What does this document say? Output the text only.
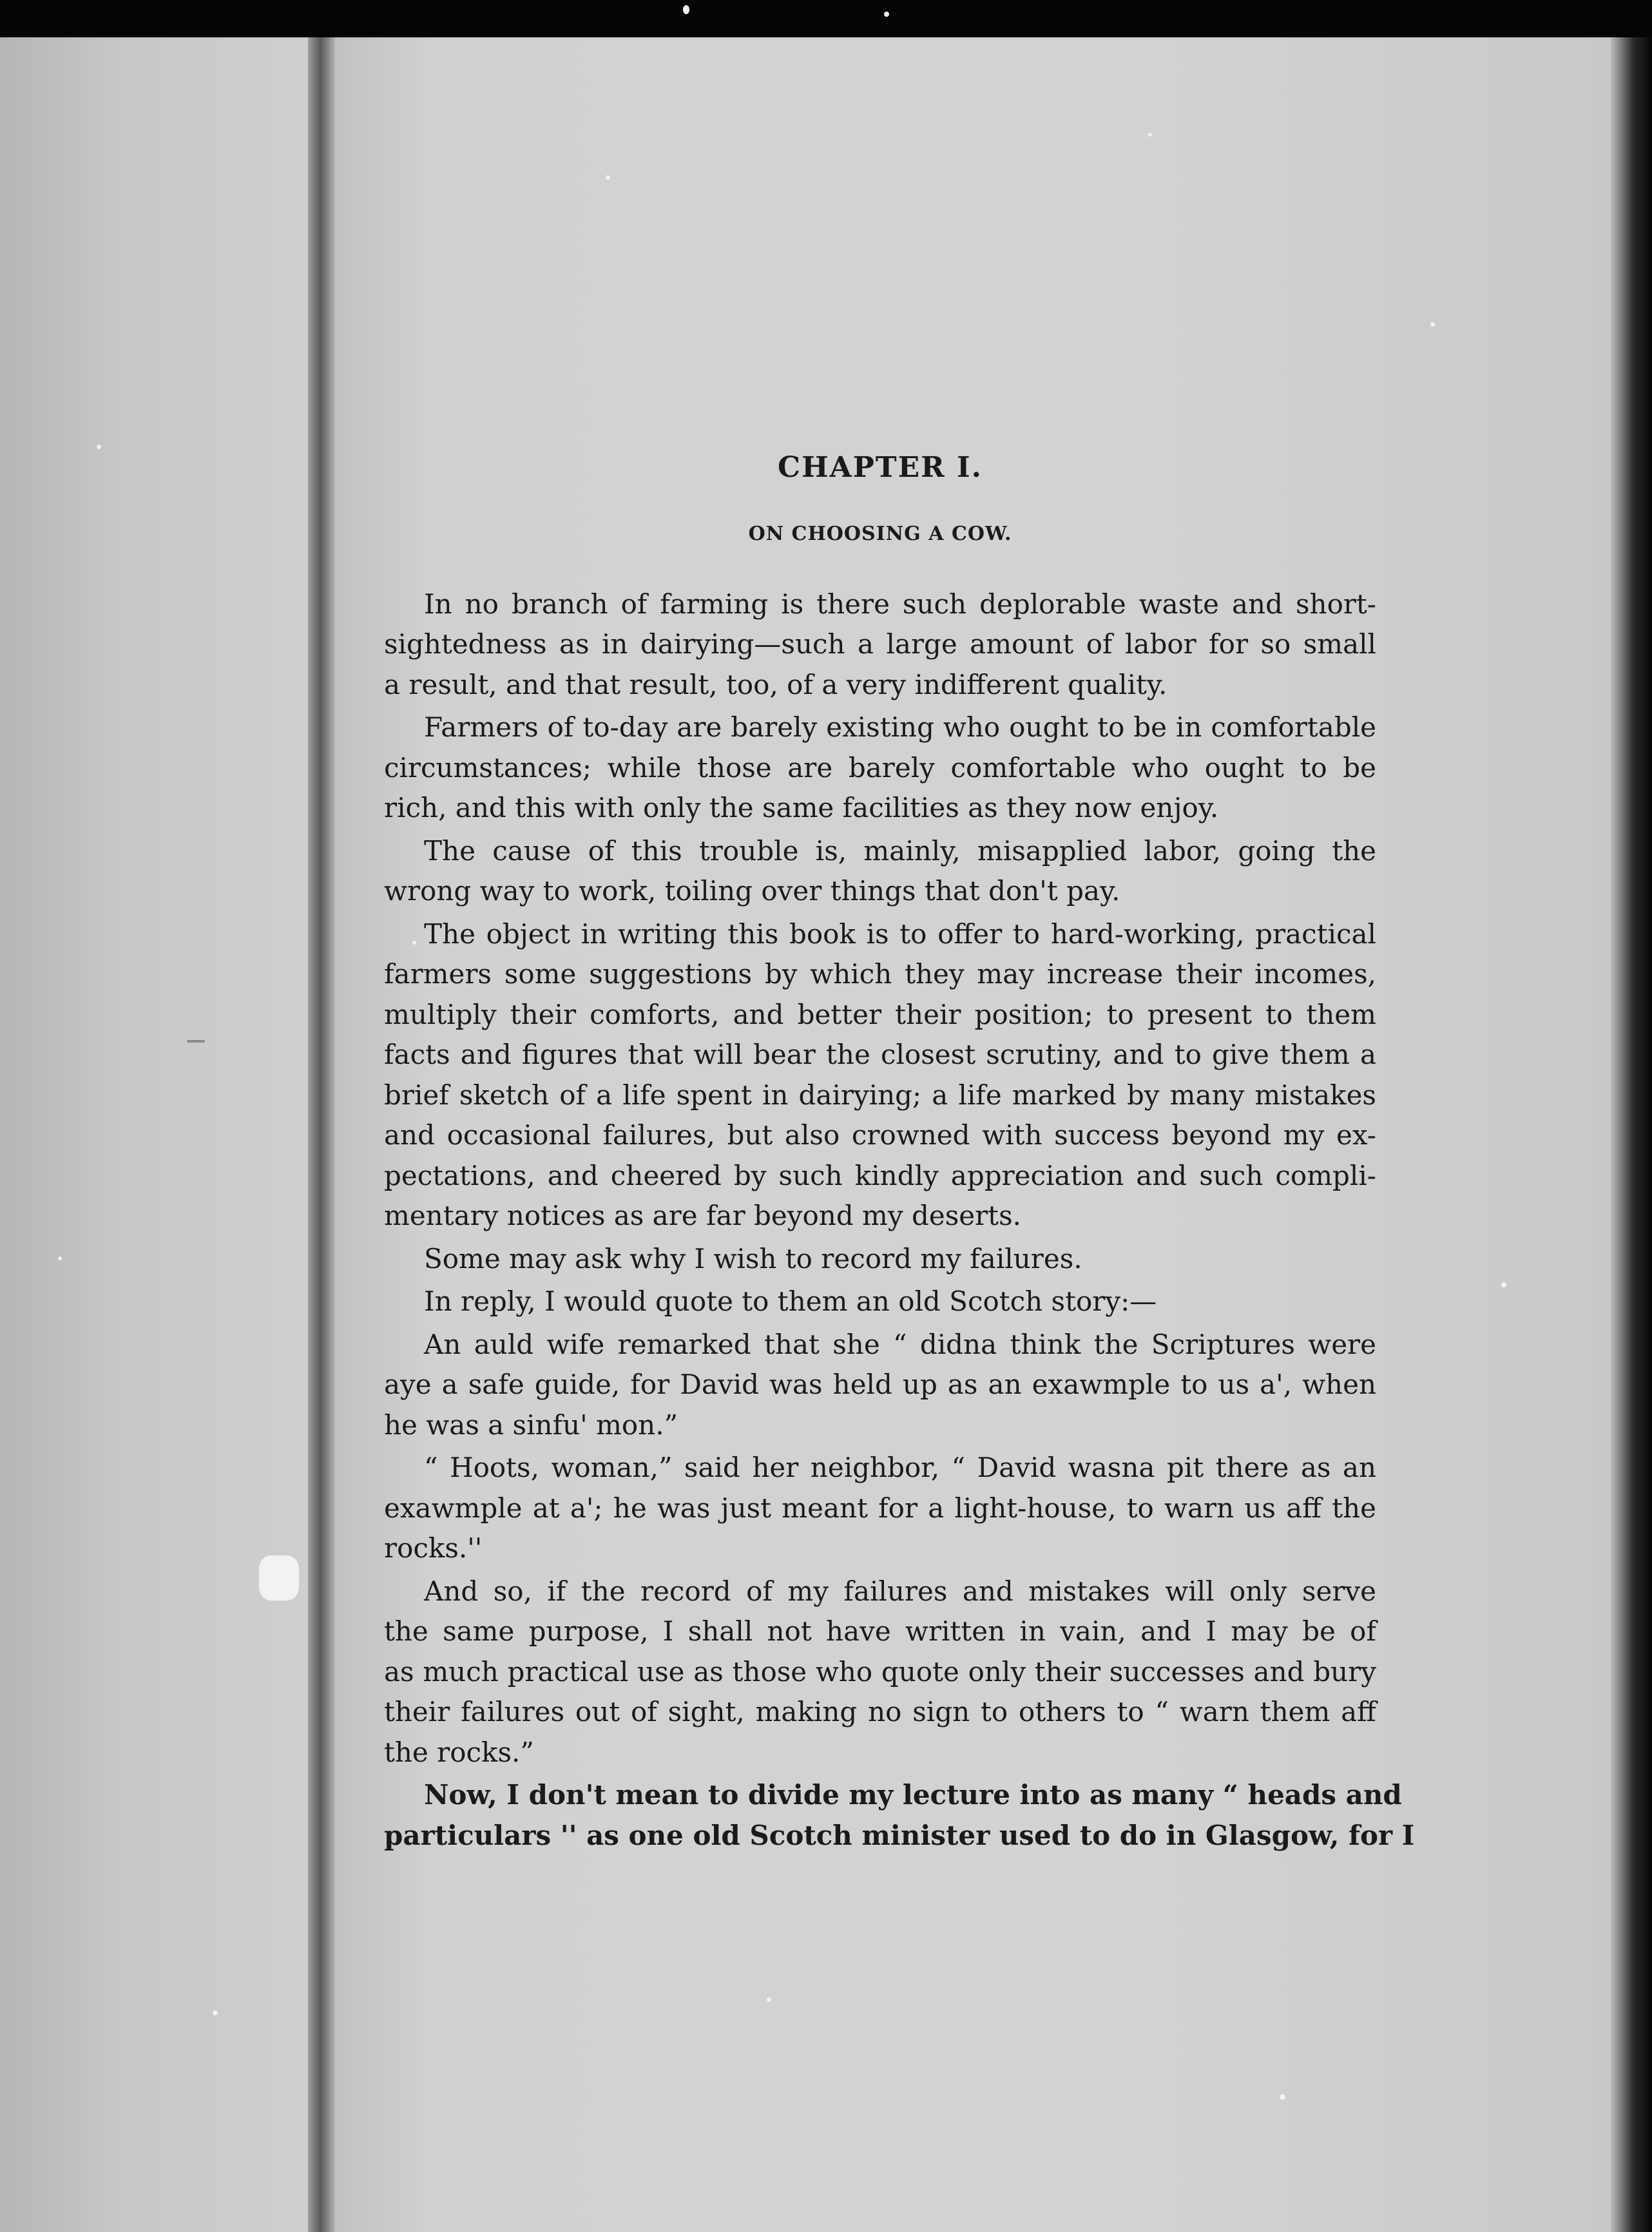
CHAPTER I.
ON CHOOSING A COW.
In no branch of farming is there such deplorable waste and short-
sightedness as in dairying—such a large amount of labor for so small
a result, and that result, too, of a very indifferent quality.
Farmers of to-day are barely existing who ought to be in comfortable
circumstances; while those are barely comfortable who ought to be
rich, and this with only the same facilities as they now enjoy.
The cause of this trouble is, mainly, misapplied labor, going the
wrong way to work, toiling over things that don't pay.
The object in writing this book is to offer to hard-working, practical
farmers some suggestions by which they may increase their incomes,
multiply their comforts, and better their position; to present to them
facts and figures that will bear the closest scrutiny, and to give them a
brief sketch of a life spent in dairying; a life marked by many mistakes
and occasional failures, but also crowned with success beyond my ex-
pectations, and cheered by such kindly appreciation and such compli-
mentary notices as are far beyond my deserts.
Some may ask why I wish to record my failures.
In reply, I would quote to them an old Scotch story:—
An auld wife remarked that she “ didna think the Scriptures were
aye a safe guide, for David was held up as an exawmple to us a', when
he was a sinfu' mon.”
“ Hoots, woman,” said her neighbor, “ David wasna pit there as an
exawmple at a'; he was just meant for a light-house, to warn us aff the
rocks.''
And so, if the record of my failures and mistakes will only serve
the same purpose, I shall not have written in vain, and I may be of
as much practical use as those who quote only their successes and bury
their failures out of sight, making no sign to others to “ warn them aff
the rocks.”
Now, I don't mean to divide my lecture into as many “ heads and
particulars '' as one old Scotch minister used to do in Glasgow, for I
